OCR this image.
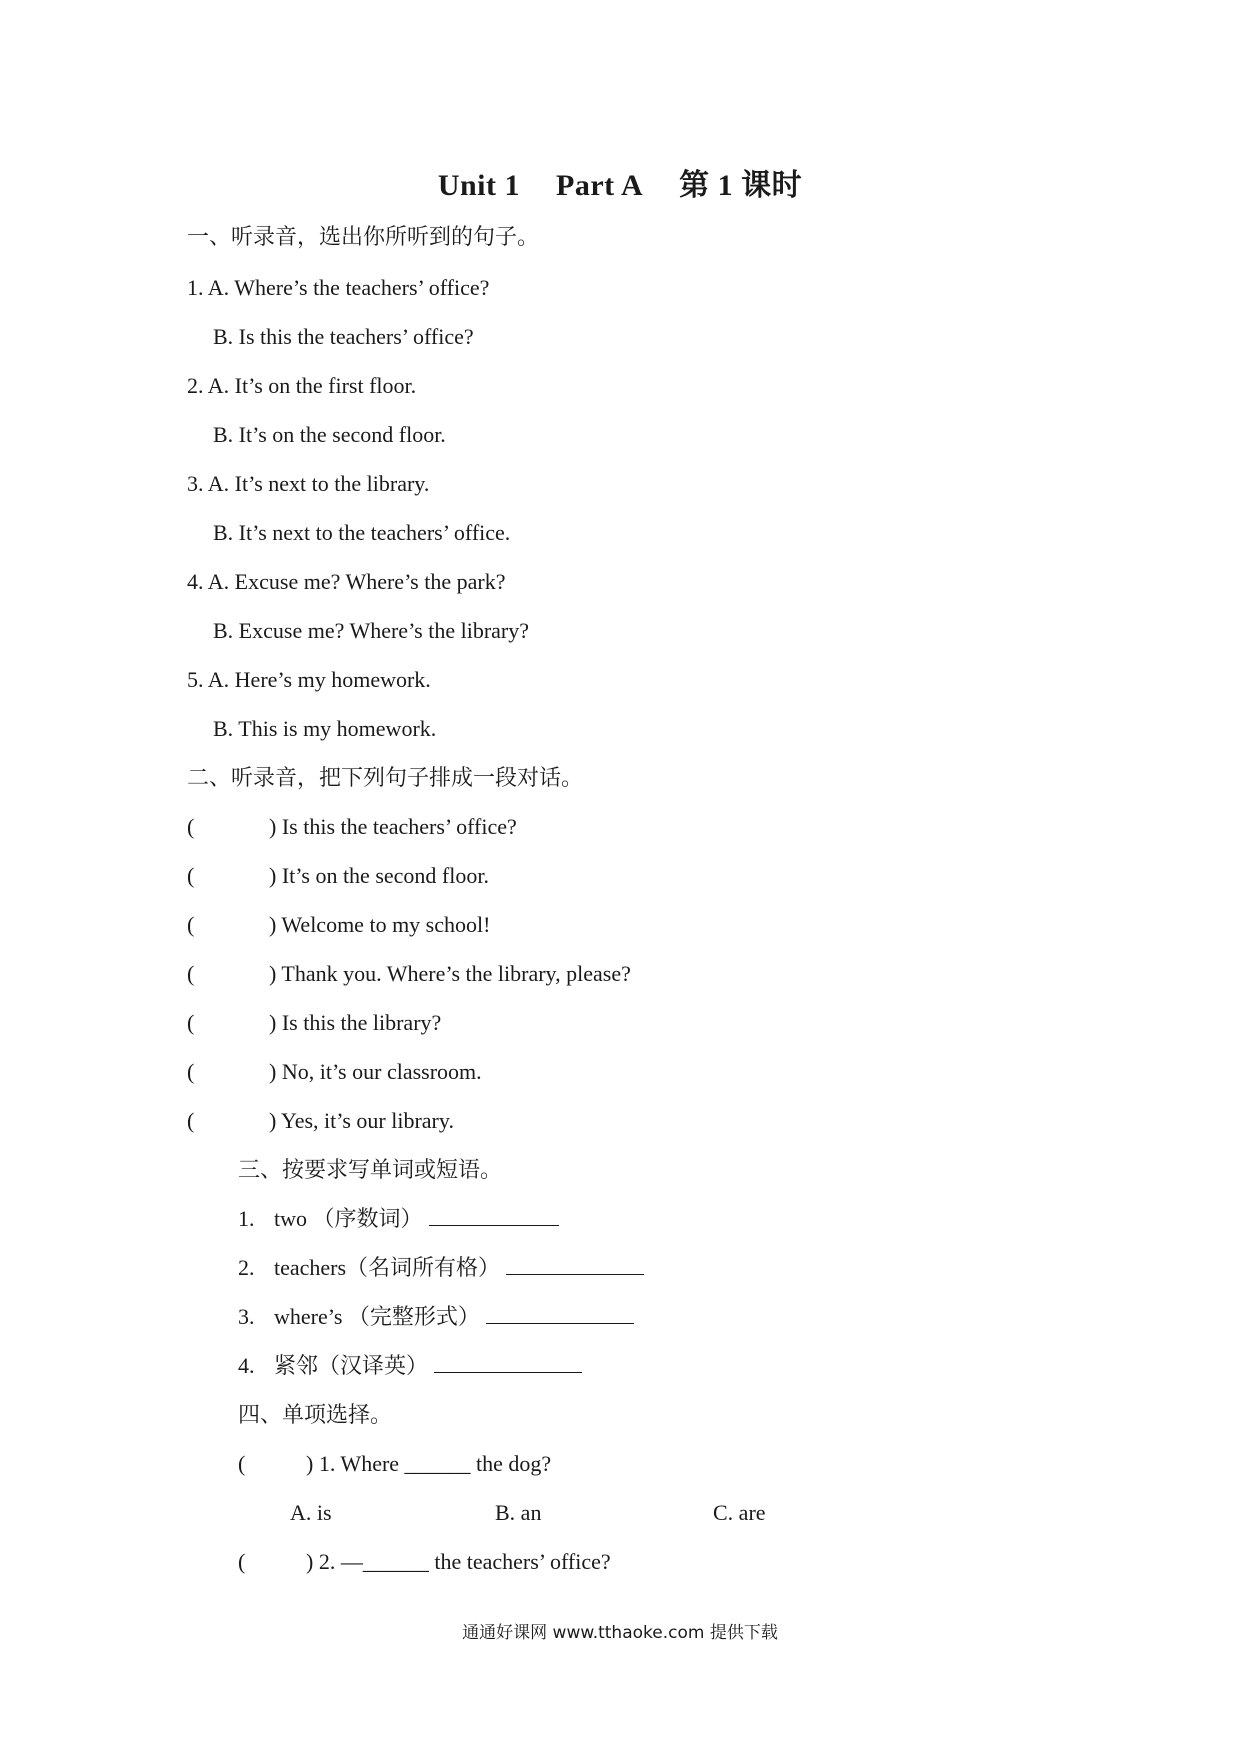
Unit 1 Part A 第 1 课时
一、听录音，选出你所听到的句子。
1. A. Where’s the teachers’ office?
B. Is this the teachers’ office?
2. A. It’s on the first floor.
B. It’s on the second floor.
3. A. It’s next to the library.
B. It’s next to the teachers’ office.
4. A. Excuse me? Where’s the park?
B. Excuse me? Where’s the library?
5. A. Here’s my homework.
B. This is my homework.
二、听录音，把下列句子排成一段对话。
(	) Is this the teachers’ office?
(	) It’s on the second floor.
(	) Welcome to my school!
(	) Thank you. Where’s the library, please?
(	) Is this the library?
(	) No, it’s our classroom.
(	) Yes, it’s our library.
三、按要求写单词或短语。
1. two （序数词）
2. teachers（名词所有格）
3. where’s （完整形式）
4. 紧邻（汉译英）
四、单项选择。
(	) 1. Where ______ the dog?
A. is	B. an	C. are
(	) 2. —______ the teachers’ office?
通通好课网 www.tthaoke.com 提供下载
